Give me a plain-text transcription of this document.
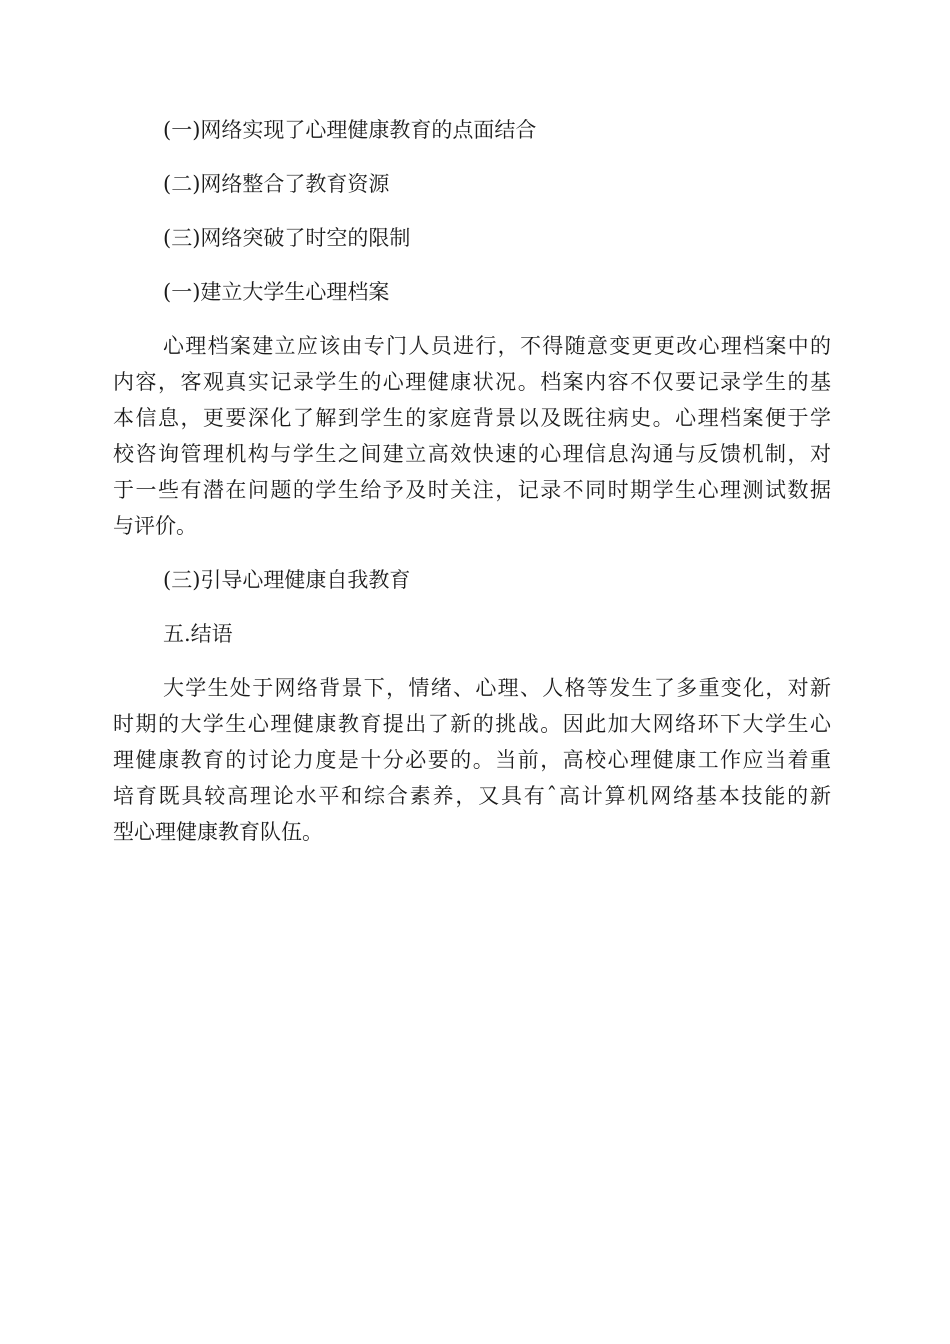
(一)网络实现了心理健康教育的点面结合
(二)网络整合了教育资源
(三)网络突破了时空的限制
(一)建立大学生心理档案
心理档案建立应该由专门人员进行，不得随意变更更改心理档案中的
内容，客观真实记录学生的心理健康状况。档案内容不仅要记录学生的基
本信息，更要深化了解到学生的家庭背景以及既往病史。心理档案便于学
校咨询管理机构与学生之间建立高效快速的心理信息沟通与反馈机制，对
于一些有潜在问题的学生给予及时关注，记录不同时期学生心理测试数据
与评价。
(三)引导心理健康自我教育
五.结语
大学生处于网络背景下，情绪、心理、人格等发生了多重变化，对新
时期的大学生心理健康教育提出了新的挑战。因此加大网络环下大学生心
理健康教育的讨论力度是十分必要的。当前，高校心理健康工作应当着重
培育既具较高理论水平和综合素养，又具有ˆ高计算机网络基本技能的新
型心理健康教育队伍。
